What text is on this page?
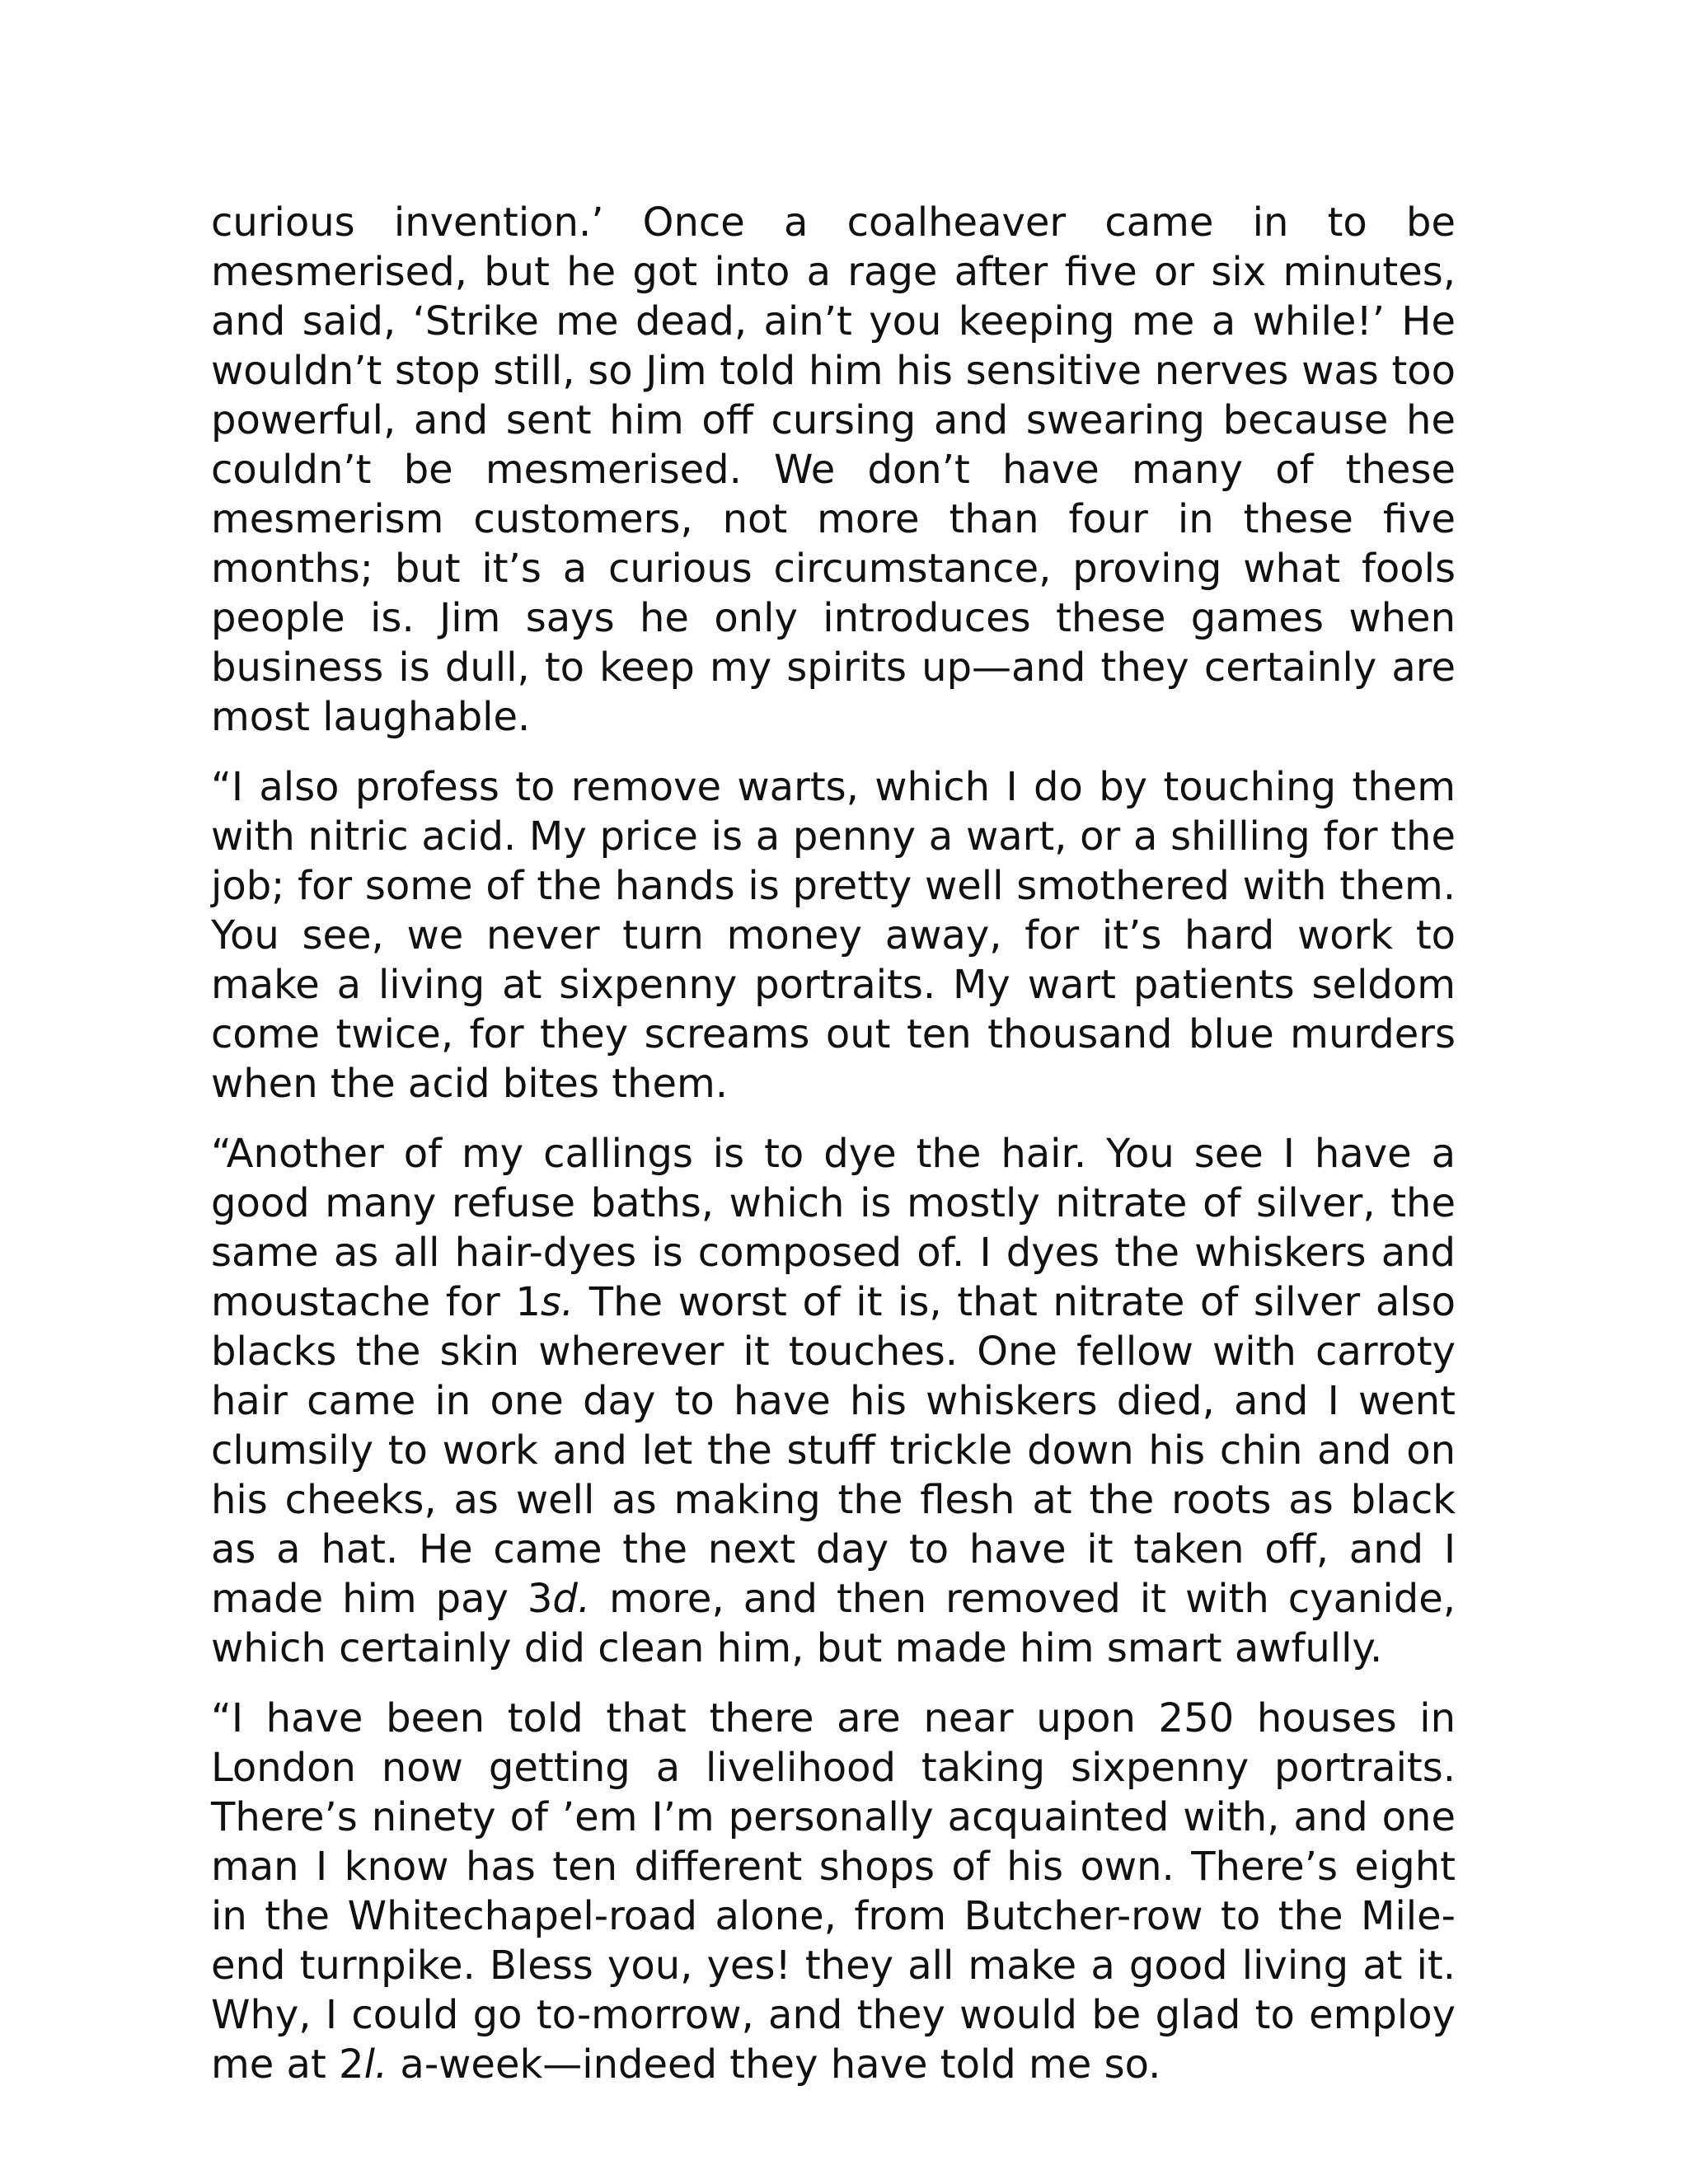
curious invention.’ Once a coalheaver came in to be mesmerised, but he got into a rage after five or six minutes, and said, ‘Strike me dead, ain’t you keeping me a while!’ He wouldn’t stop still, so Jim told him his sensitive nerves was too powerful, and sent him off cursing and swearing because he couldn’t be mesmerised. We don’t have many of these mesmerism customers, not more than four in these five months; but it’s a curious circumstance, proving what fools people is. Jim says he only introduces these games when business is dull, to keep my spirits up—and they certainly are most laughable.

“I also profess to remove warts, which I do by touching them with nitric acid. My price is a penny a wart, or a shilling for the job; for some of the hands is pretty well smothered with them. You see, we never turn money away, for it’s hard work to make a living at sixpenny portraits. My wart patients seldom come twice, for they screams out ten thousand blue murders when the acid bites them.

“Another of my callings is to dye the hair. You see I have a good many refuse baths, which is mostly nitrate of silver, the same as all hair-dyes is composed of. I dyes the whiskers and moustache for 1s. The worst of it is, that nitrate of silver also blacks the skin wherever it touches. One fellow with carroty hair came in one day to have his whiskers died, and I went clumsily to work and let the stuff trickle down his chin and on his cheeks, as well as making the flesh at the roots as black as a hat. He came the next day to have it taken off, and I made him pay 3d. more, and then removed it with cyanide, which certainly did clean him, but made him smart awfully.

“I have been told that there are near upon 250 houses in London now getting a livelihood taking sixpenny portraits. There’s ninety of ’em I’m personally acquainted with, and one man I know has ten different shops of his own. There’s eight in the Whitechapel-road alone, from Butcher-row to the Mile-end turnpike. Bless you, yes! they all make a good living at it. Why, I could go to-morrow, and they would be glad to employ me at 2l. a-week—indeed they have told me so.
